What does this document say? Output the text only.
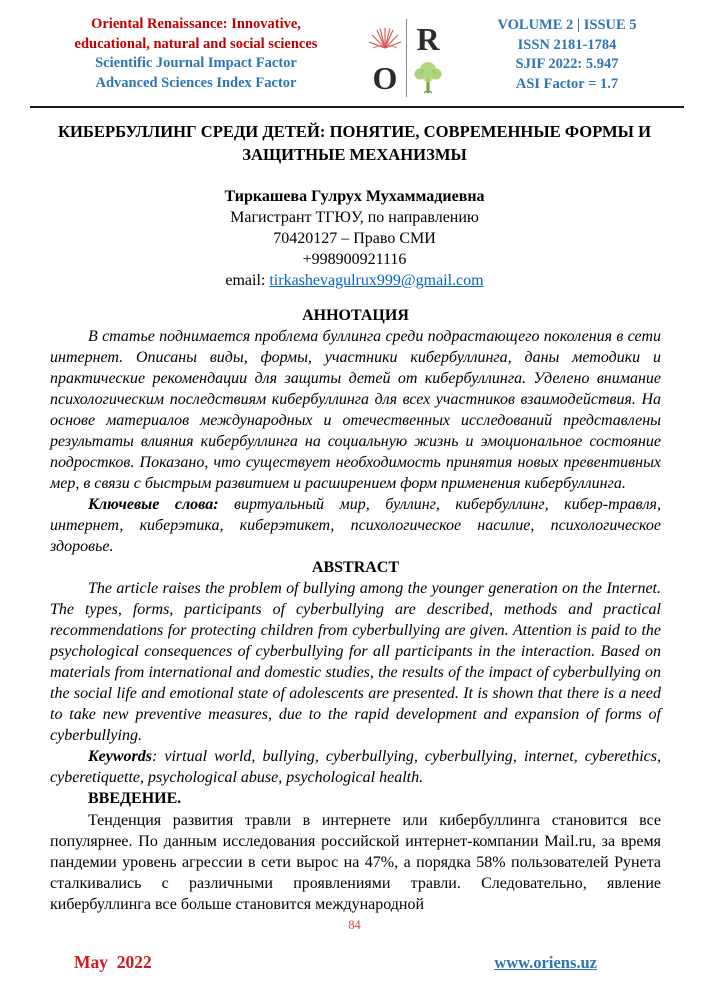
Oriental Renaissance: Innovative,
educational, natural and social sciences
Scientific Journal Impact Factor
Advanced Sciences Index Factor	O
R	VOLUME 2 | ISSUE 5
ISSN 2181-1784
SJIF 2022: 5.947
ASI Factor = 1.7
КИБЕРБУЛЛИНГ СРЕДИ ДЕТЕЙ: ПОНЯТИЕ, СОВРЕМЕННЫЕ ФОРМЫ И ЗАЩИТНЫЕ МЕХАНИЗМЫ
Тиркашева Гулрух Мухаммадиевна
Магистрант ТГЮУ, по направлению
70420127 – Право СМИ
+998900921116
email: tirkashevagulrux999@gmail.com
АННОТАЦИЯ

В статье поднимается проблема буллинга среди подрастающего поколения в сети интернет. Описаны виды, формы, участники кибербуллинга, даны методики и практические рекомендации для защиты детей от кибербуллинга. Уделено внимание психологическим последствиям кибербуллинга для всех участников взаимодействия. На основе материалов международных и отечественных исследований представлены результаты влияния кибербуллинга на социальную жизнь и эмоциональное состояние подростков. Показано, что существует необходимость принятия новых превентивных мер, в связи с быстрым развитием и расширением форм применения кибербуллинга.

Ключевые слова: виртуальный мир, буллинг, кибербуллинг, кибер-травля, интернет, киберэтика, киберэтикет, психологическое насилие, психологическое здоровье.

ABSTRACT

The article raises the problem of bullying among the younger generation on the Internet. The types, forms, participants of cyberbullying are described, methods and practical recommendations for protecting children from cyberbullying are given. Attention is paid to the psychological consequences of cyberbullying for all participants in the interaction. Based on materials from international and domestic studies, the results of the impact of cyberbullying on the social life and emotional state of adolescents are presented. It is shown that there is a need to take new preventive measures, due to the rapid development and expansion of forms of cyberbullying.

Keywords: virtual world, bullying, cyberbullying, cyberbullying, internet, cyberethics, cyberetiquette, psychological abuse, psychological health.

ВВЕДЕНИЕ.

Тенденция развития травли в интернете или кибербуллинга становится все популярнее. По данным исследования российской интернет-компании Mail.ru, за время пандемии уровень агрессии в сети вырос на 47%, а порядка 58% пользователей Рунета сталкивались с различными проявлениями травли. Следовательно, явление кибербуллинга все больше становится международной

84
May  2022	www.oriens.uz
